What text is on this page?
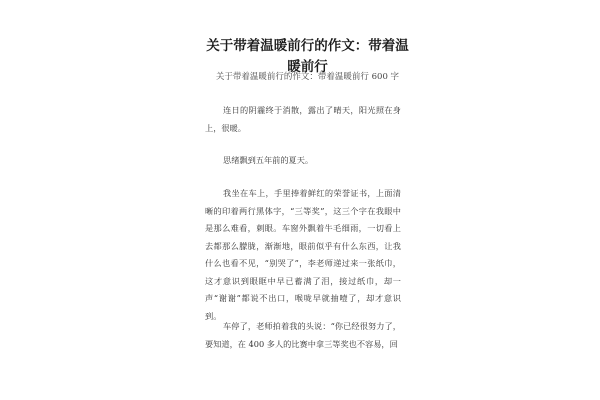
关于带着温暖前行的作文：带着温暖前行

关于带着温暖前行的作文：带着温暖前行 600 字

连日的阴霾终于消散，露出了晴天，阳光照在身上，很暖。

思绪飘到五年前的夏天。

我坐在车上，手里捧着鲜红的荣誉证书，上面清晰的印着两行黑体字，“三等奖”，这三个字在我眼中是那么难看，刺眼。车窗外飘着牛毛细雨，一切看上去都那么朦胧，渐渐地，眼前似乎有什么东西，让我什么也看不见，“别哭了”，李老师递过来一张纸巾，这才意识到眼眶中早已蓄满了泪，接过纸巾，却一声“谢谢”都说不出口，喉咙早就抽噎了，却才意识到。

车停了，老师拍着我的头说：“你已经很努力了，要知道，在 400 多人的比赛中拿三等奖也不容易，回
